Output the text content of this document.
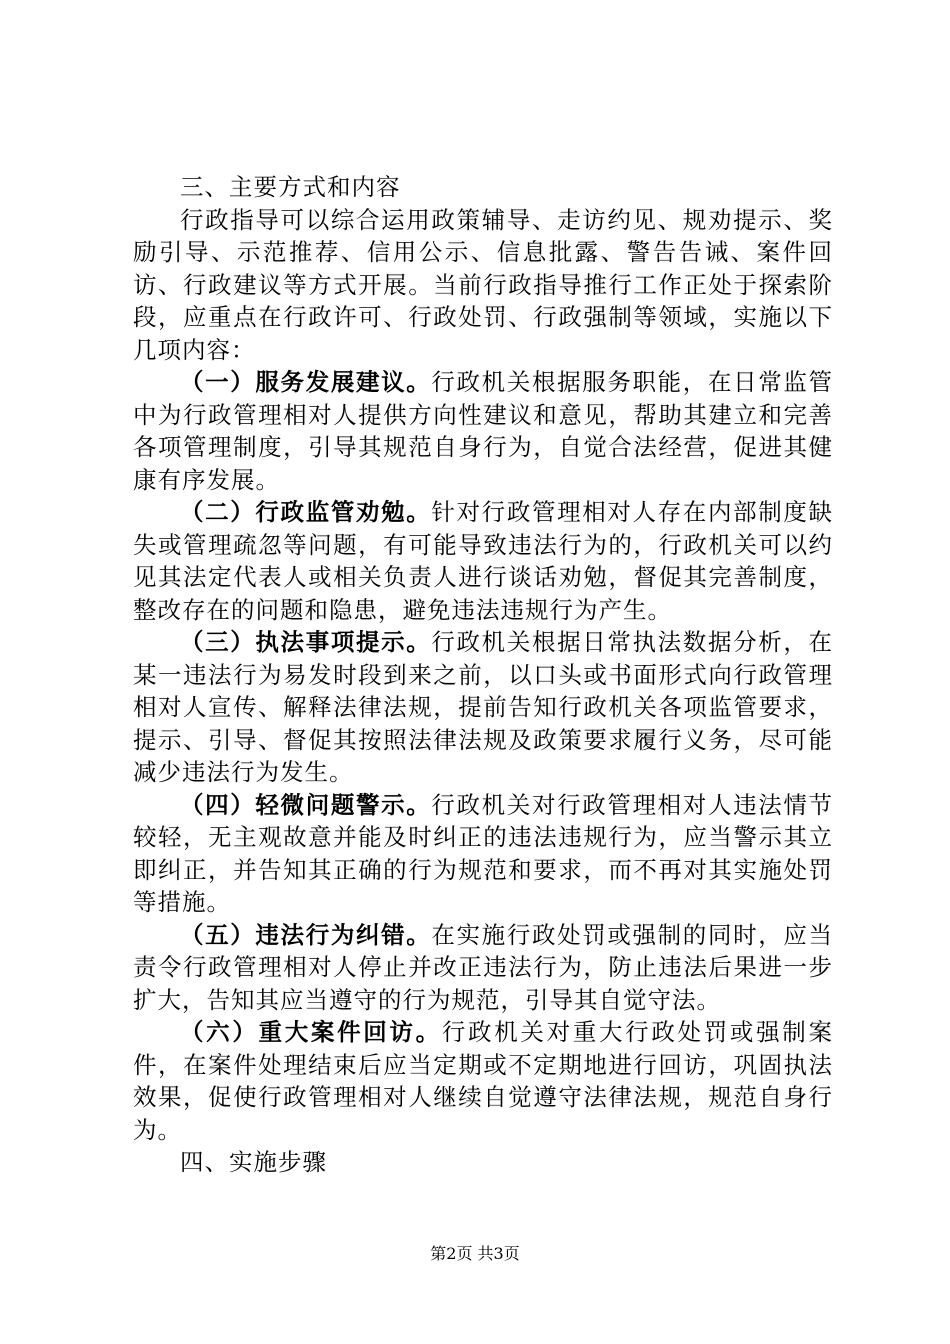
三、主要方式和内容

行政指导可以综合运用政策辅导、走访约见、规劝提示、奖励引导、示范推荐、信用公示、信息批露、警告告诫、案件回访、行政建议等方式开展。当前行政指导推行工作正处于探索阶段，应重点在行政许可、行政处罚、行政强制等领域，实施以下几项内容：

（一）服务发展建议。行政机关根据服务职能，在日常监管中为行政管理相对人提供方向性建议和意见，帮助其建立和完善各项管理制度，引导其规范自身行为，自觉合法经营，促进其健康有序发展。

（二）行政监管劝勉。针对行政管理相对人存在内部制度缺失或管理疏忽等问题，有可能导致违法行为的，行政机关可以约见其法定代表人或相关负责人进行谈话劝勉，督促其完善制度，整改存在的问题和隐患，避免违法违规行为产生。

（三）执法事项提示。行政机关根据日常执法数据分析，在某一违法行为易发时段到来之前，以口头或书面形式向行政管理相对人宣传、解释法律法规，提前告知行政机关各项监管要求，提示、引导、督促其按照法律法规及政策要求履行义务，尽可能减少违法行为发生。

（四）轻微问题警示。行政机关对行政管理相对人违法情节较轻，无主观故意并能及时纠正的违法违规行为，应当警示其立即纠正，并告知其正确的行为规范和要求，而不再对其实施处罚等措施。

（五）违法行为纠错。在实施行政处罚或强制的同时，应当责令行政管理相对人停止并改正违法行为，防止违法后果进一步扩大，告知其应当遵守的行为规范，引导其自觉守法。

（六）重大案件回访。行政机关对重大行政处罚或强制案件，在案件处理结束后应当定期或不定期地进行回访，巩固执法效果，促使行政管理相对人继续自觉遵守法律法规，规范自身行为。

四、实施步骤
第2页 共3页
